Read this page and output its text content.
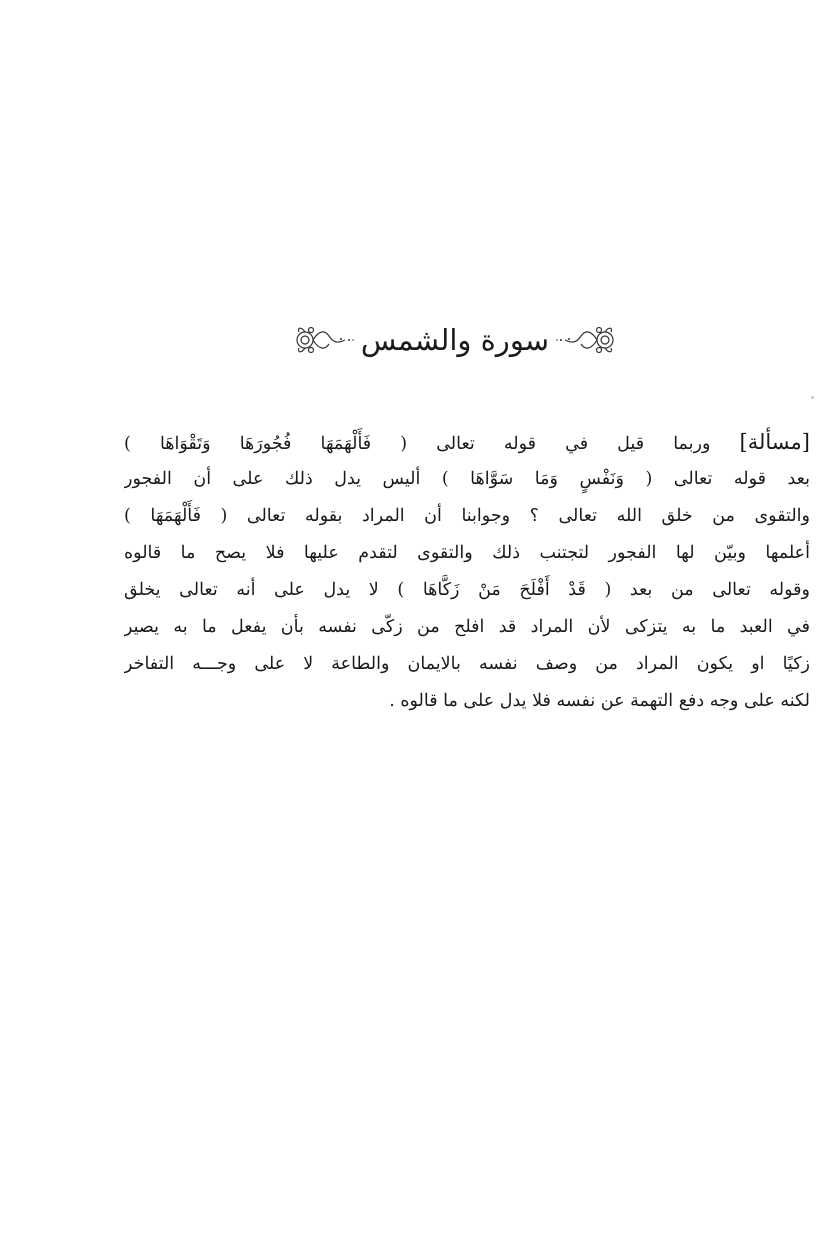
سورة والشمس
[مسألة] وربما قيل في قوله تعالى ( فَأَلْهَمَهَا فُجُورَهَا وَتَقْوَاهَا )
بعد قوله تعالى ( وَنَفْسٍ وَمَا سَوَّاهَا ) أليس يدل ذلك على أن الفجور
والتقوى من خلق الله تعالى ؟ وجوابنا أن المراد بقوله تعالى ( فَأَلْهَمَهَا )
أعلمها وبيّن لها الفجور لتجتنب ذلك والتقوى لتقدم عليها فلا يصح ما قالوه
وقوله تعالى من بعد ( قَدْ أَفْلَحَ مَنْ زَكَّاهَا ) لا يدل على أنه تعالى يخلق
في العبد ما به يتزكى لأن المراد قد افلح من زكّى نفسه بأن يفعل ما به يصير
زكيًا او يكون المراد من وصف نفسه بالايمان والطاعة لا على وجـــه التفاخر
لكنه على وجه دفع التهمة عن نفسه فلا يدل على ما قالوه .
